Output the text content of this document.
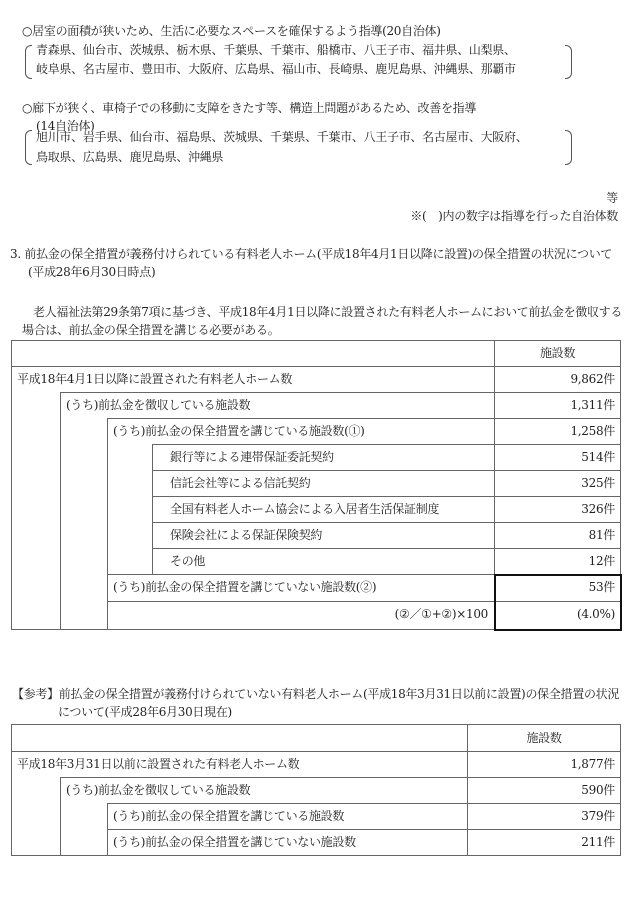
○居室の面積が狭いため、生活に必要なスペースを確保するよう指導(20自治体)
青森県、仙台市、茨城県、栃木県、千葉県、千葉市、船橋市、八王子市、福井県、山梨県、
岐阜県、名古屋市、豊田市、大阪府、広島県、福山市、長崎県、鹿児島県、沖縄県、那覇市
○廊下が狭く、車椅子での移動に支障をきたす等、構造上問題があるため、改善を指導
(14自治体)
旭川市、岩手県、仙台市、福島県、茨城県、千葉県、千葉市、八王子市、名古屋市、大阪府、
鳥取県、広島県、鹿児島県、沖縄県
等
※(　)内の数字は指導を行った自治体数
3. 前払金の保全措置が義務付けられている有料老人ホーム(平成18年4月1日以降に設置)の保全措置の状況について
(平成28年6月30日時点)
老人福祉法第29条第7項に基づき、平成18年4月1日以降に設置された有料老人ホームにおいて前払金を徴収する
場合は、前払金の保全措置を講じる必要がある。
施設数
平成18年4月1日以降に設置された有料老人ホーム数	9,862件
(うち)前払金を徴収している施設数	1,311件
(うち)前払金の保全措置を講じている施設数(①)	1,258件
銀行等による連帯保証委託契約	514件
信託会社等による信託契約	325件
全国有料老人ホーム協会による入居者生活保証制度	326件
保険会社による保証保険契約	81件
その他	12件
(うち)前払金の保全措置を講じていない施設数(②)	53件
(②／①+②)×100	(4.0%)
【参考】前払金の保全措置が義務付けられていない有料老人ホーム(平成18年3月31日以前に設置)の保全措置の状況
について(平成28年6月30日現在)
施設数
平成18年3月31日以前に設置された有料老人ホーム数	1,877件
(うち)前払金を徴収している施設数	590件
(うち)前払金の保全措置を講じている施設数	379件
(うち)前払金の保全措置を講じていない施設数	211件
